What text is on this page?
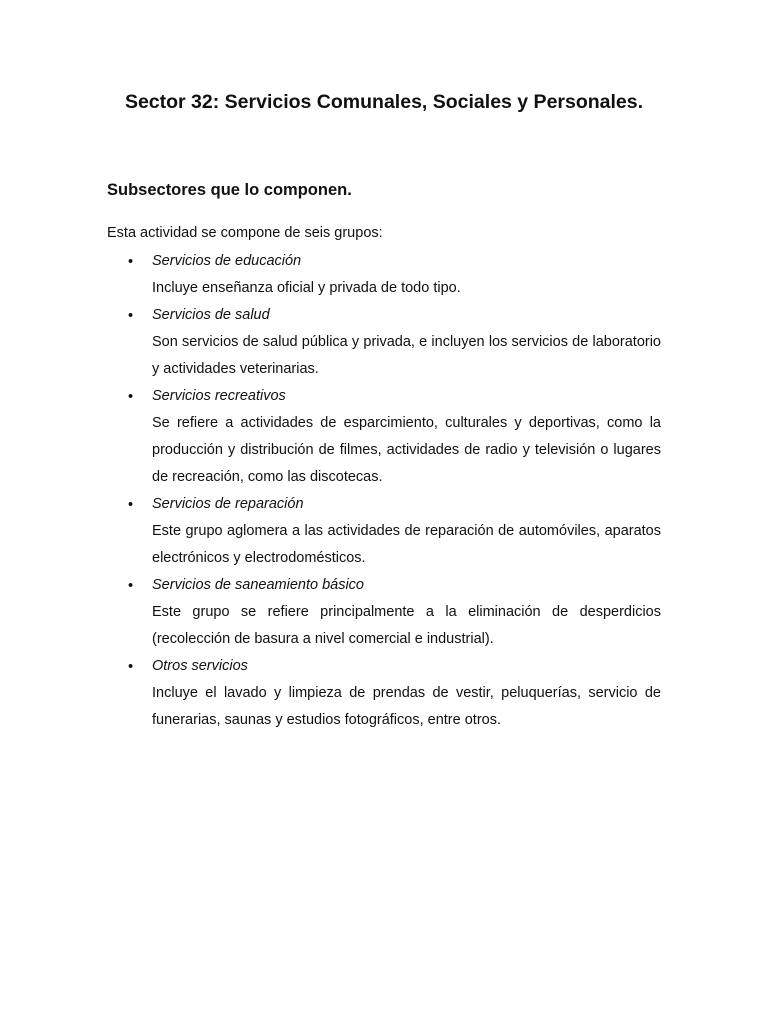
Sector 32: Servicios Comunales, Sociales y Personales.
Subsectores que lo componen.

Esta actividad se compone de seis grupos:

• Servicios de educación
Incluye enseñanza oficial y privada de todo tipo.
• Servicios de salud
Son servicios de salud pública y privada, e incluyen los servicios de laboratorio y actividades veterinarias.
• Servicios recreativos
Se refiere a actividades de esparcimiento, culturales y deportivas, como la producción y distribución de filmes, actividades de radio y televisión o lugares de recreación, como las discotecas.
• Servicios de reparación
Este grupo aglomera a las actividades de reparación de automóviles, aparatos electrónicos y electrodomésticos.
• Servicios de saneamiento básico
Este grupo se refiere principalmente a la eliminación de desperdicios (recolección de basura a nivel comercial e industrial).
• Otros servicios
Incluye el lavado y limpieza de prendas de vestir, peluquerías, servicio de funerarias, saunas y estudios fotográficos, entre otros.
